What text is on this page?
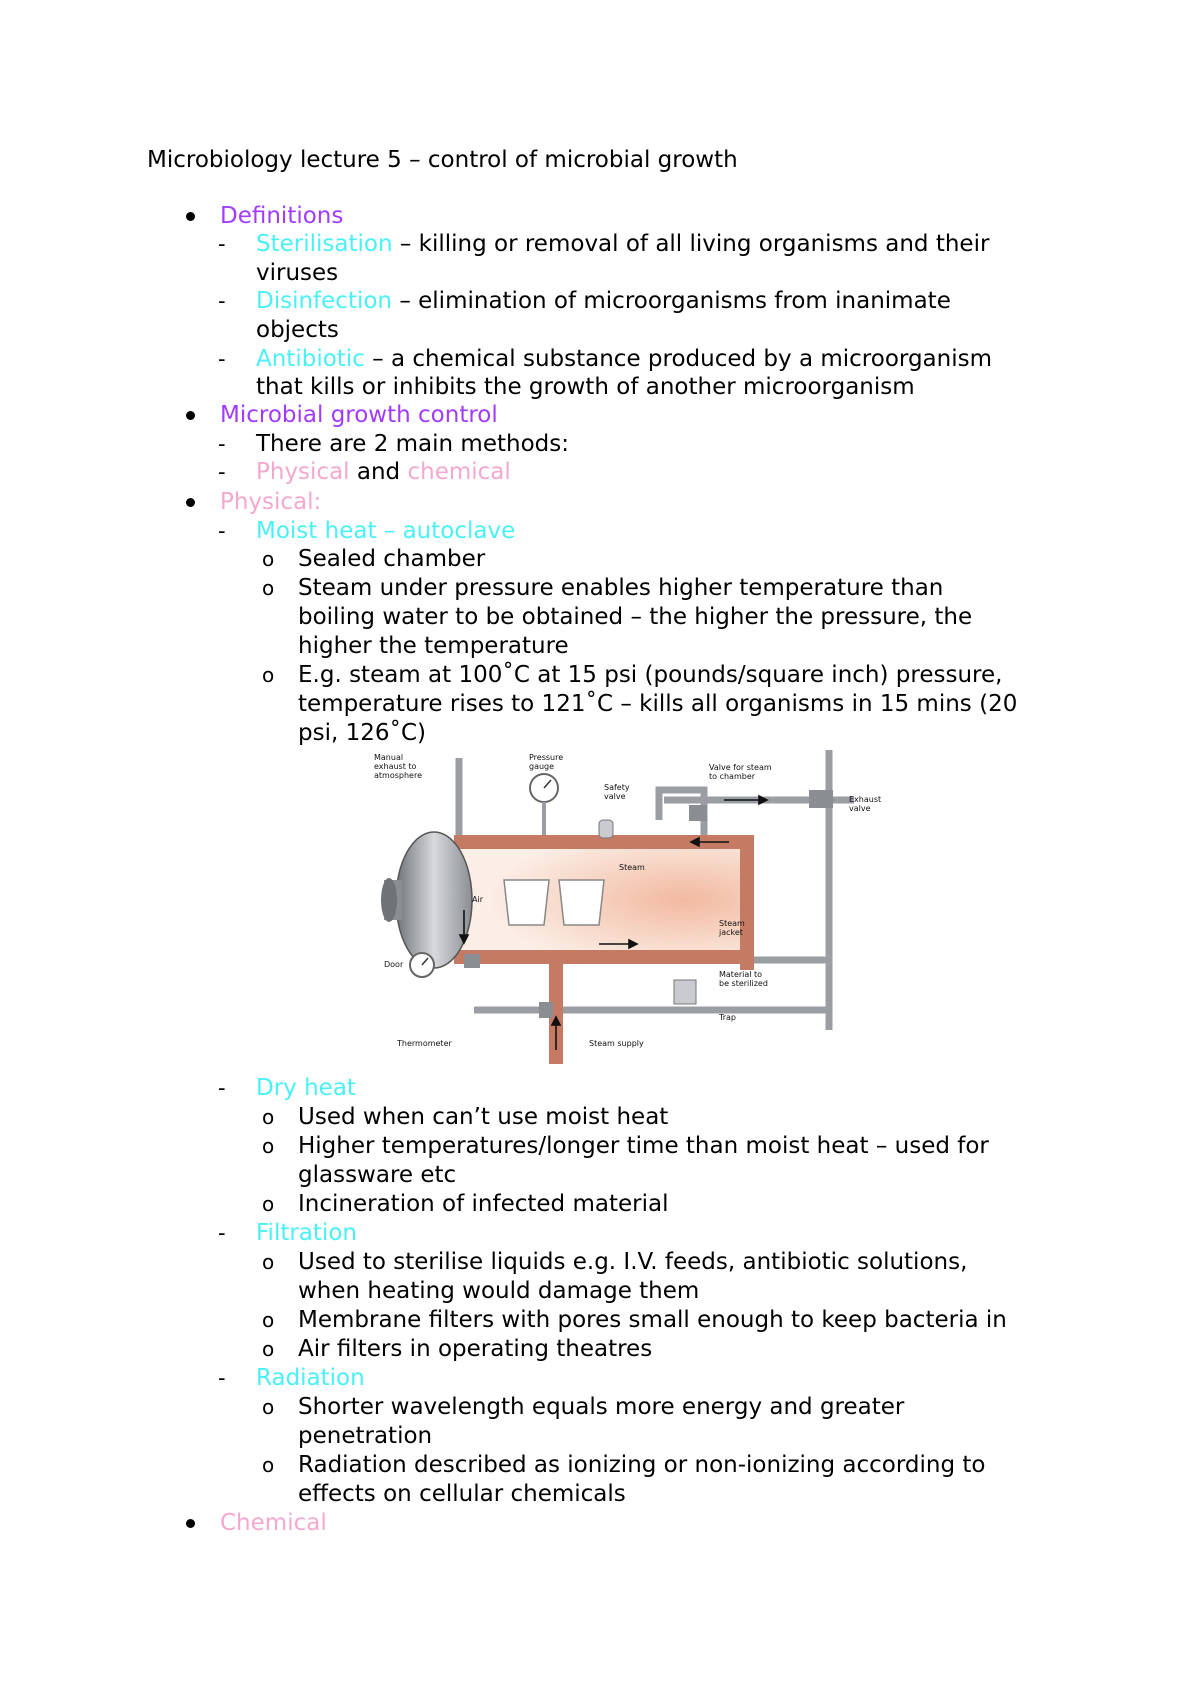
Microbiology lecture 5 – control of microbial growth
Definitions
- Sterilisation – killing or removal of all living organisms and their
viruses
- Disinfection – elimination of microorganisms from inanimate
objects
- Antibiotic – a chemical substance produced by a microorganism
that kills or inhibits the growth of another microorganism
Microbial growth control
- There are 2 main methods:
- Physical and chemical
Physical:
- Moist heat – autoclave
o Sealed chamber
o Steam under pressure enables higher temperature than
boiling water to be obtained – the higher the pressure, the
higher the temperature
o E.g. steam at 100˚C at 15 psi (pounds/square inch) pressure,
temperature rises to 121˚C – kills all organisms in 15 mins (20
psi, 126˚C)
Manual
exhaust to
atmosphere
Pressure
gauge
Safety
valve
Valve for steam
to chamber
Exhaust
valve
Steam
Air
Steam
jacket
Door
Material to
be sterilized
Thermometer	Steam supply
Trap
- Dry heat
o Used when can’t use moist heat
o Higher temperatures/longer time than moist heat – used for
glassware etc
o Incineration of infected material
- Filtration
o Used to sterilise liquids e.g. I.V. feeds, antibiotic solutions,
when heating would damage them
o Membrane filters with pores small enough to keep bacteria in
o Air filters in operating theatres
- Radiation
o Shorter wavelength equals more energy and greater
penetration
o Radiation described as ionizing or non-ionizing according to
effects on cellular chemicals
Chemical
